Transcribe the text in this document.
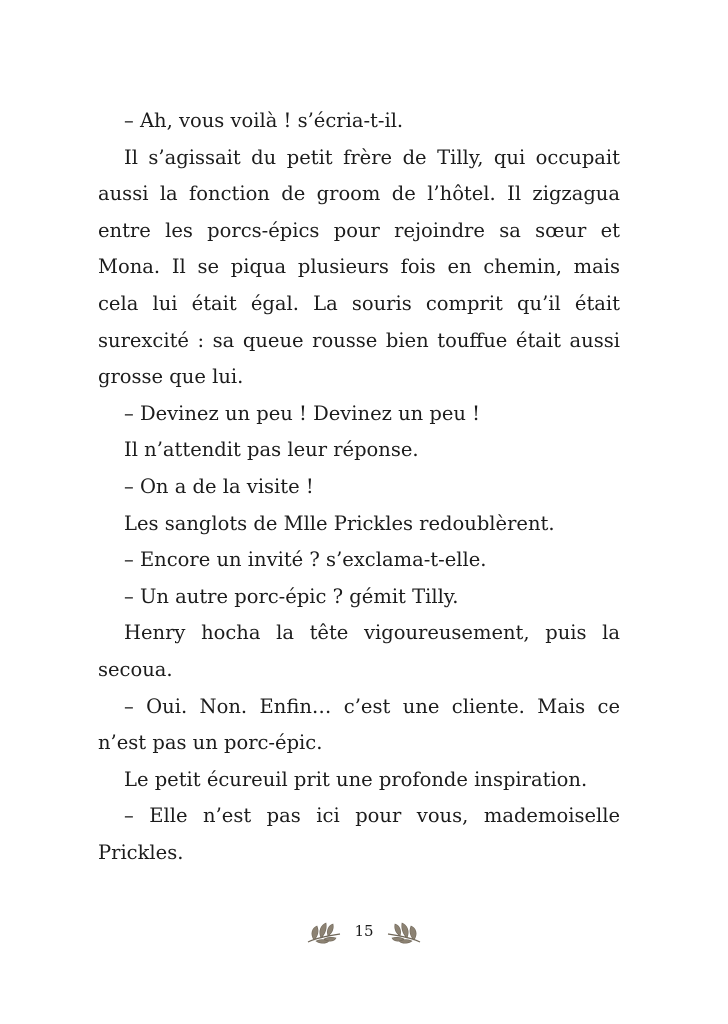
– Ah, vous voilà ! s’écria-t-il.

Il s’agissait du petit frère de Tilly, qui occupait aussi la fonction de groom de l’hôtel. Il zigzagua entre les porcs-épics pour rejoindre sa sœur et Mona. Il se piqua plusieurs fois en chemin, mais cela lui était égal. La souris comprit qu’il était surexcité : sa queue rousse bien touffue était aussi grosse que lui.

– Devinez un peu ! Devinez un peu !

Il n’attendit pas leur réponse.

– On a de la visite !

Les sanglots de Mlle Prickles redoublèrent.

– Encore un invité ? s’exclama-t-elle.

– Un autre porc-épic ? gémit Tilly.

Henry hocha la tête vigoureusement, puis la secoua.

– Oui. Non. Enfin… c’est une cliente. Mais ce n’est pas un porc-épic.

Le petit écureuil prit une profonde inspiration.

– Elle n’est pas ici pour vous, mademoiselle Prickles.

15
